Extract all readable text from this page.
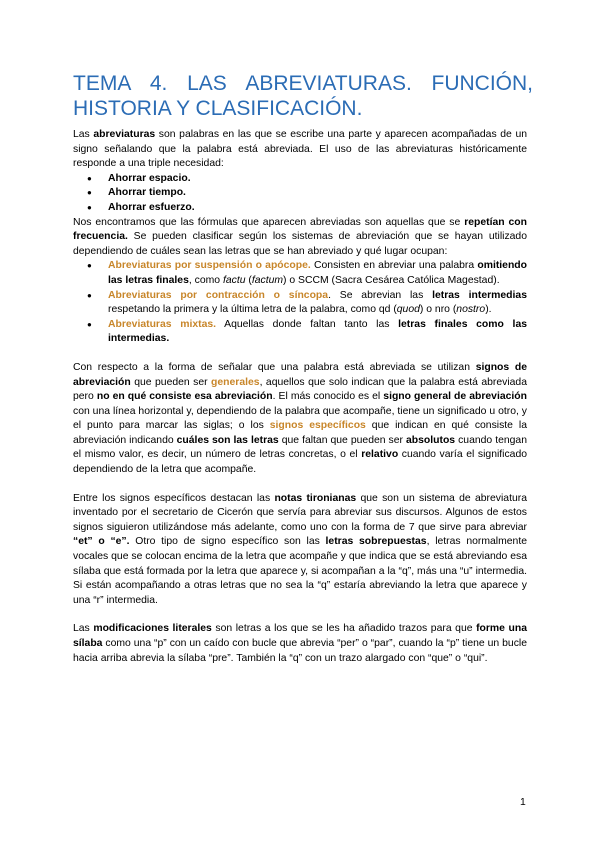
TEMA 4. LAS ABREVIATURAS. FUNCIÓN,
HISTORIA Y CLASIFICACIÓN.

Las abreviaturas son palabras en las que se escribe una parte y aparecen acompañadas de un signo señalando que la palabra está abreviada. El uso de las abreviaturas históricamente responde a una triple necesidad:

● Ahorrar espacio.
● Ahorrar tiempo.
● Ahorrar esfuerzo.

Nos encontramos que las fórmulas que aparecen abreviadas son aquellas que se repetían con frecuencia. Se pueden clasificar según los sistemas de abreviación que se hayan utilizado dependiendo de cuáles sean las letras que se han abreviado y qué lugar ocupan:

● Abreviaturas por suspensión o apócope. Consisten en abreviar una palabra omitiendo las letras finales, como factu (factum) o SCCM (Sacra Cesárea Católica Magestad).
● Abreviaturas por contracción o síncopa. Se abrevian las letras intermedias respetando la primera y la última letra de la palabra, como qd (quod) o nro (nostro).
● Abreviaturas mixtas. Aquellas donde faltan tanto las letras finales como las intermedias.

Con respecto a la forma de señalar que una palabra está abreviada se utilizan signos de abreviación que pueden ser generales, aquellos que solo indican que la palabra está abreviada pero no en qué consiste esa abreviación. El más conocido es el signo general de abreviación con una línea horizontal y, dependiendo de la palabra que acompañe, tiene un significado u otro, y el punto para marcar las siglas; o los signos específicos que indican en qué consiste la abreviación indicando cuáles son las letras que faltan que pueden ser absolutos cuando tengan el mismo valor, es decir, un número de letras concretas, o el relativo cuando varía el significado dependiendo de la letra que acompañe.

Entre los signos específicos destacan las notas tironianas que son un sistema de abreviatura inventado por el secretario de Cicerón que servía para abreviar sus discursos. Algunos de estos signos siguieron utilizándose más adelante, como uno con la forma de 7 que sirve para abreviar “et” o “e”. Otro tipo de signo específico son las letras sobrepuestas, letras normalmente vocales que se colocan encima de la letra que acompañe y que indica que se está abreviando esa sílaba que está formada por la letra que aparece y, si acompañan a la “q”, más una “u” intermedia. Si están acompañando a otras letras que no sea la “q” estaría abreviando la letra que aparece y una “r” intermedia.

Las modificaciones literales son letras a los que se les ha añadido trazos para que forme una sílaba como una “p” con un caído con bucle que abrevia “per” o “par”, cuando la “p” tiene un bucle hacia arriba abrevia la sílaba “pre”. También la “q” con un trazo alargado con “que” o “qui”.

1
